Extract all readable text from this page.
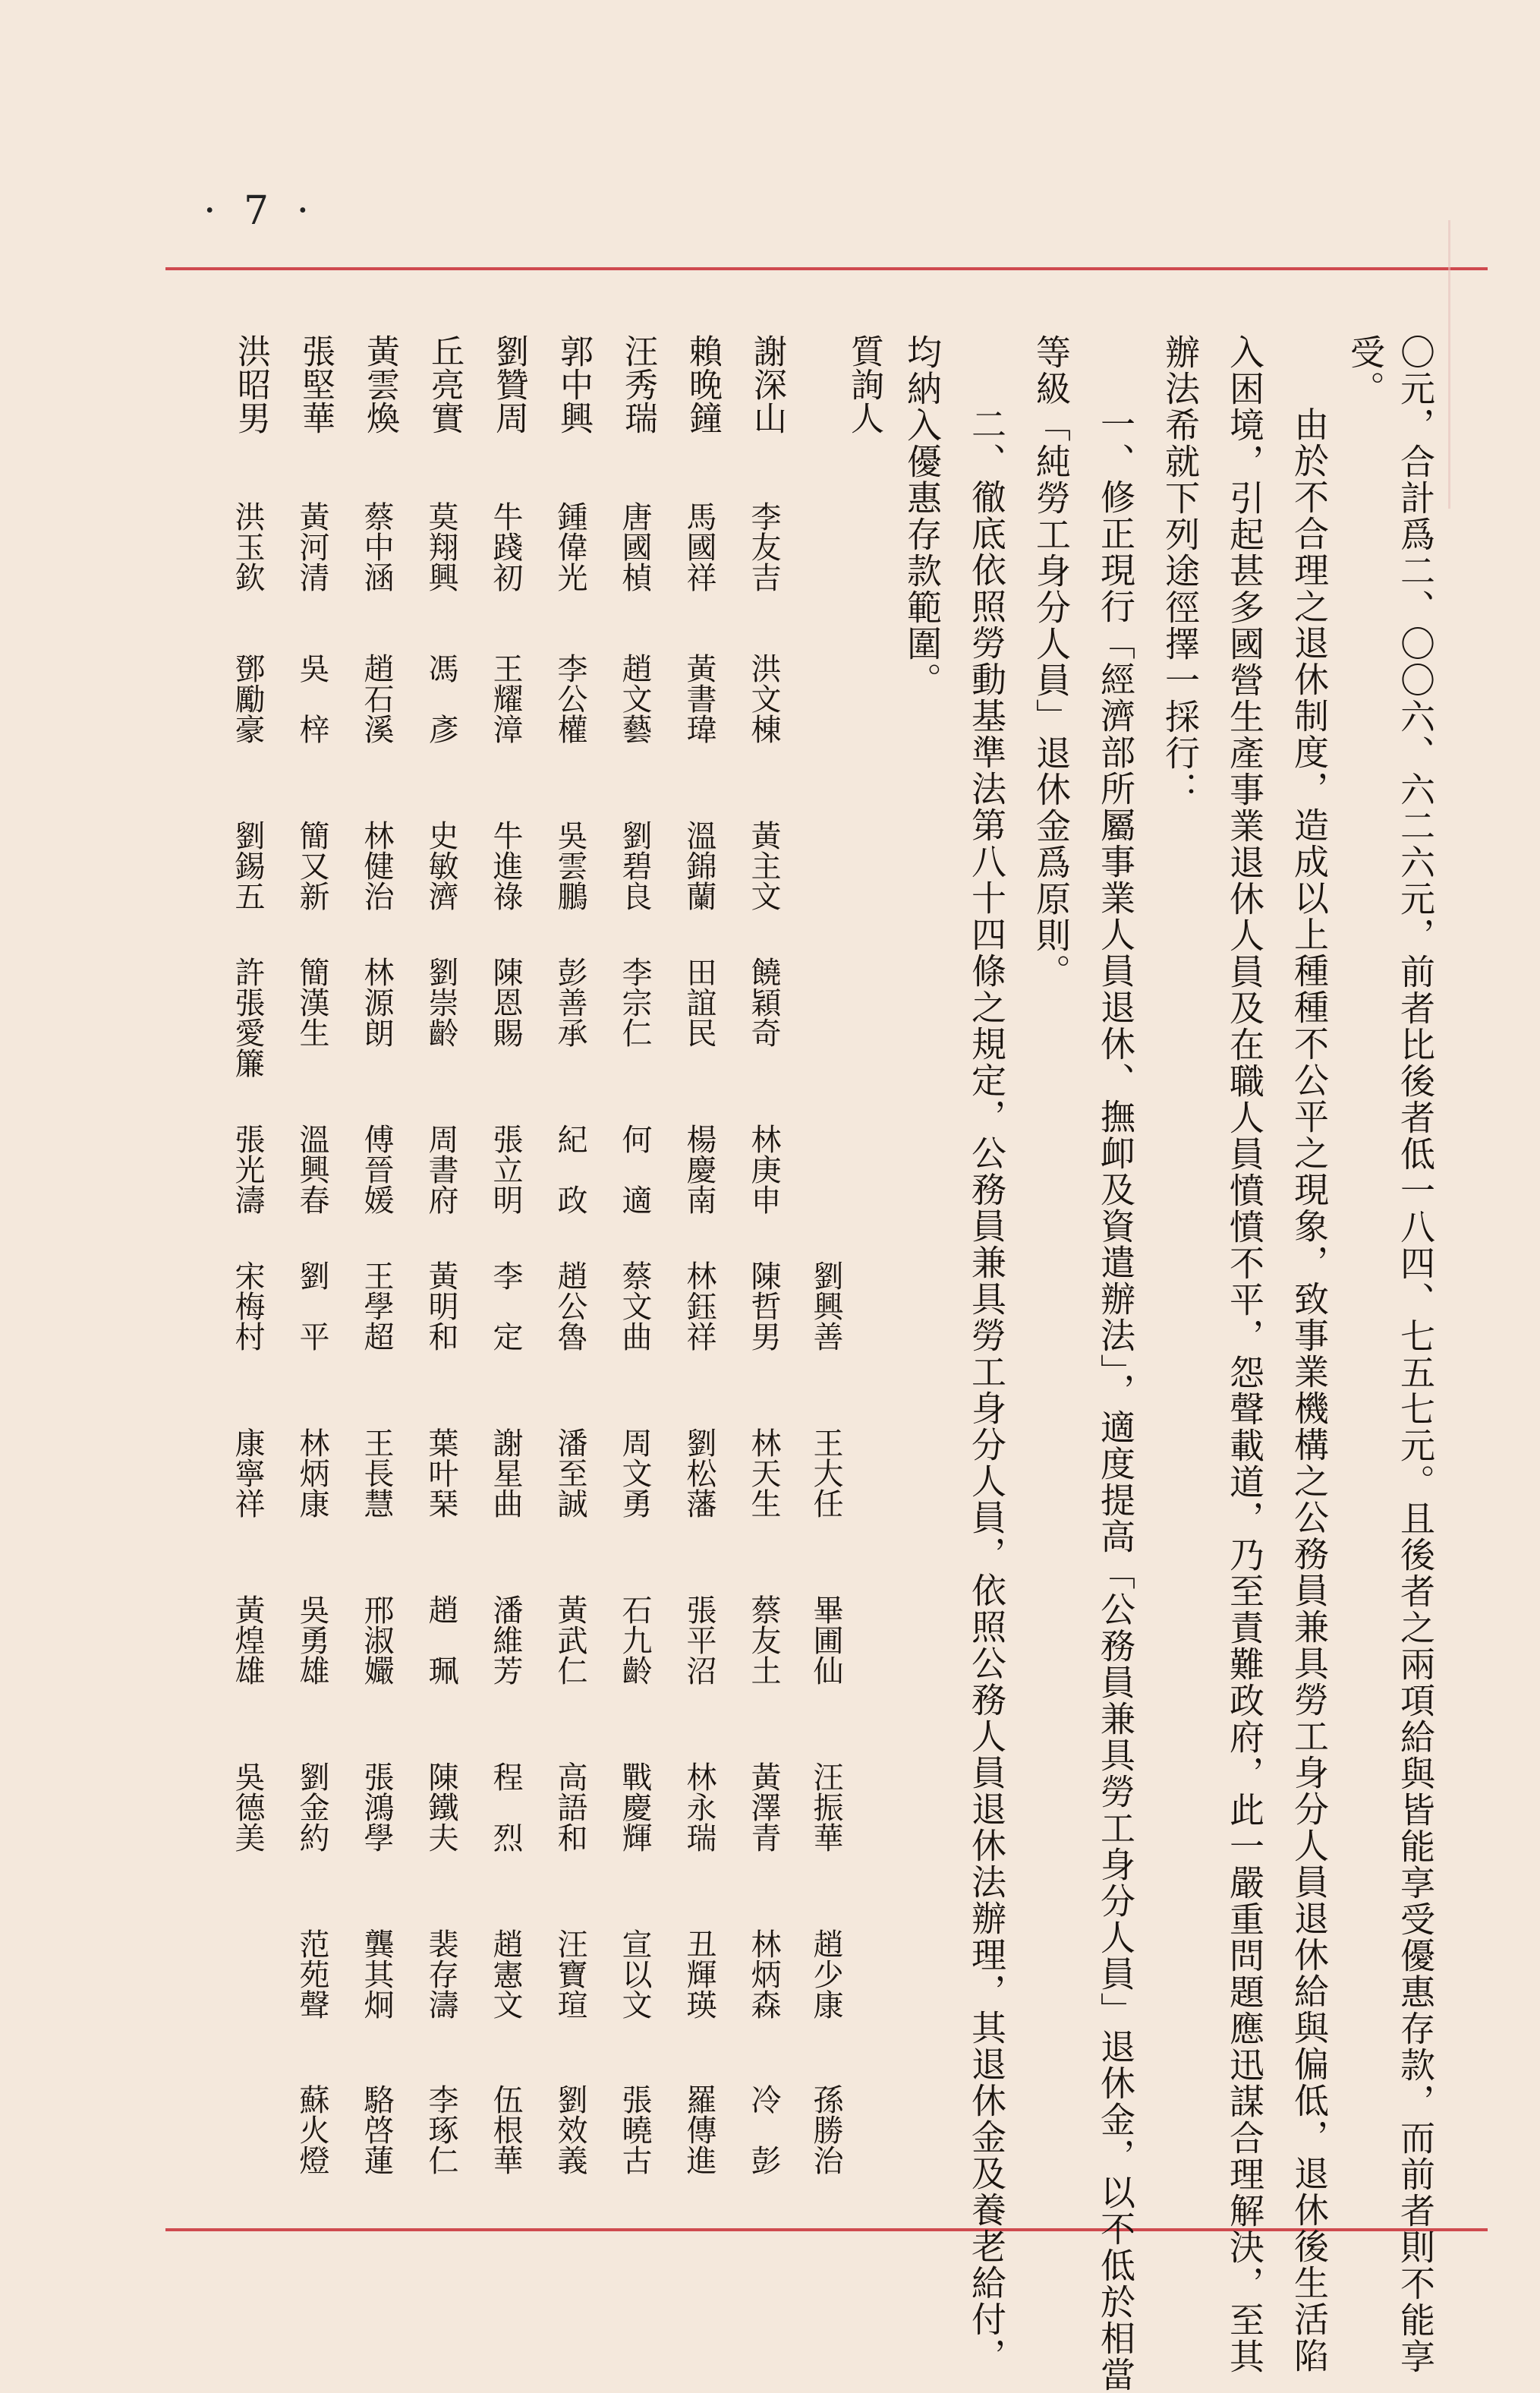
· 7 ·
〇元，合計爲二、〇〇六、六二六元，前者比後者低一八四、七五七元。且後者之兩項給與皆能享受優惠存款，而前者則不能享
受。
由於不合理之退休制度，造成以上種種不公平之現象，致事業機構之公務員兼具勞工身分人員退休給與偏低，退休後生活陷
入困境，引起甚多國營生產事業退休人員及在職人員憤憤不平，怨聲載道，乃至責難政府，此一嚴重問題應迅謀合理解決，至其
辦法希就下列途徑擇一採行：
一、修正現行「經濟部所屬事業人員退休、撫卹及資遣辦法」，適度提高「公務員兼具勞工身分人員」退休金，以不低於相當
等級「純勞工身分人員」退休金爲原則。
二、徹底依照勞動基準法第八十四條之規定，公務員兼具勞工身分人員，依照公務人員退休法辦理，其退休金及養老給付，
均納入優惠存款範圍。
質詢人
劉興善
王大任
畢圃仙
汪振華
趙少康
孫勝治
謝深山
李友吉
洪文棟
黃主文
饒穎奇
林庚申
陳哲男
林天生
蔡友土
黃澤青
林炳森
冷　彭
賴晚鐘
馬國祥
黃書瑋
溫錦蘭
田誼民
楊慶南
林鈺祥
劉松藩
張平沼
林永瑞
丑輝瑛
羅傳進
汪秀瑞
唐國楨
趙文藝
劉碧良
李宗仁
何　適
蔡文曲
周文勇
石九齡
戰慶輝
宣以文
張曉古
郭中興
鍾偉光
李公權
吳雲鵬
彭善承
紀　政
趙公魯
潘至誠
黃武仁
高語和
汪寶瑄
劉效義
劉贊周
牛踐初
王耀漳
牛進祿
陳恩賜
張立明
李　定
謝星曲
潘維芳
程　烈
趙憲文
伍根華
丘亮實
莫翔興
馮　彥
史敏濟
劉崇齡
周書府
黃明和
葉叶琹
趙　珮
陳鐵夫
裴存濤
李琢仁
黃雲煥
蔡中涵
趙石溪
林健治
林源朗
傅晉媛
王學超
王長慧
邢淑孍
張鴻學
龔其炯
駱啓蓮
張堅華
黃河清
吳　梓
簡又新
簡漢生
溫興春
劉　平
林炳康
吳勇雄
劉金約
范苑聲
蘇火燈
洪昭男
洪玉欽
鄧勵豪
劉錫五
許張愛簾
張光濤
宋梅村
康寧祥
黃煌雄
吳德美
